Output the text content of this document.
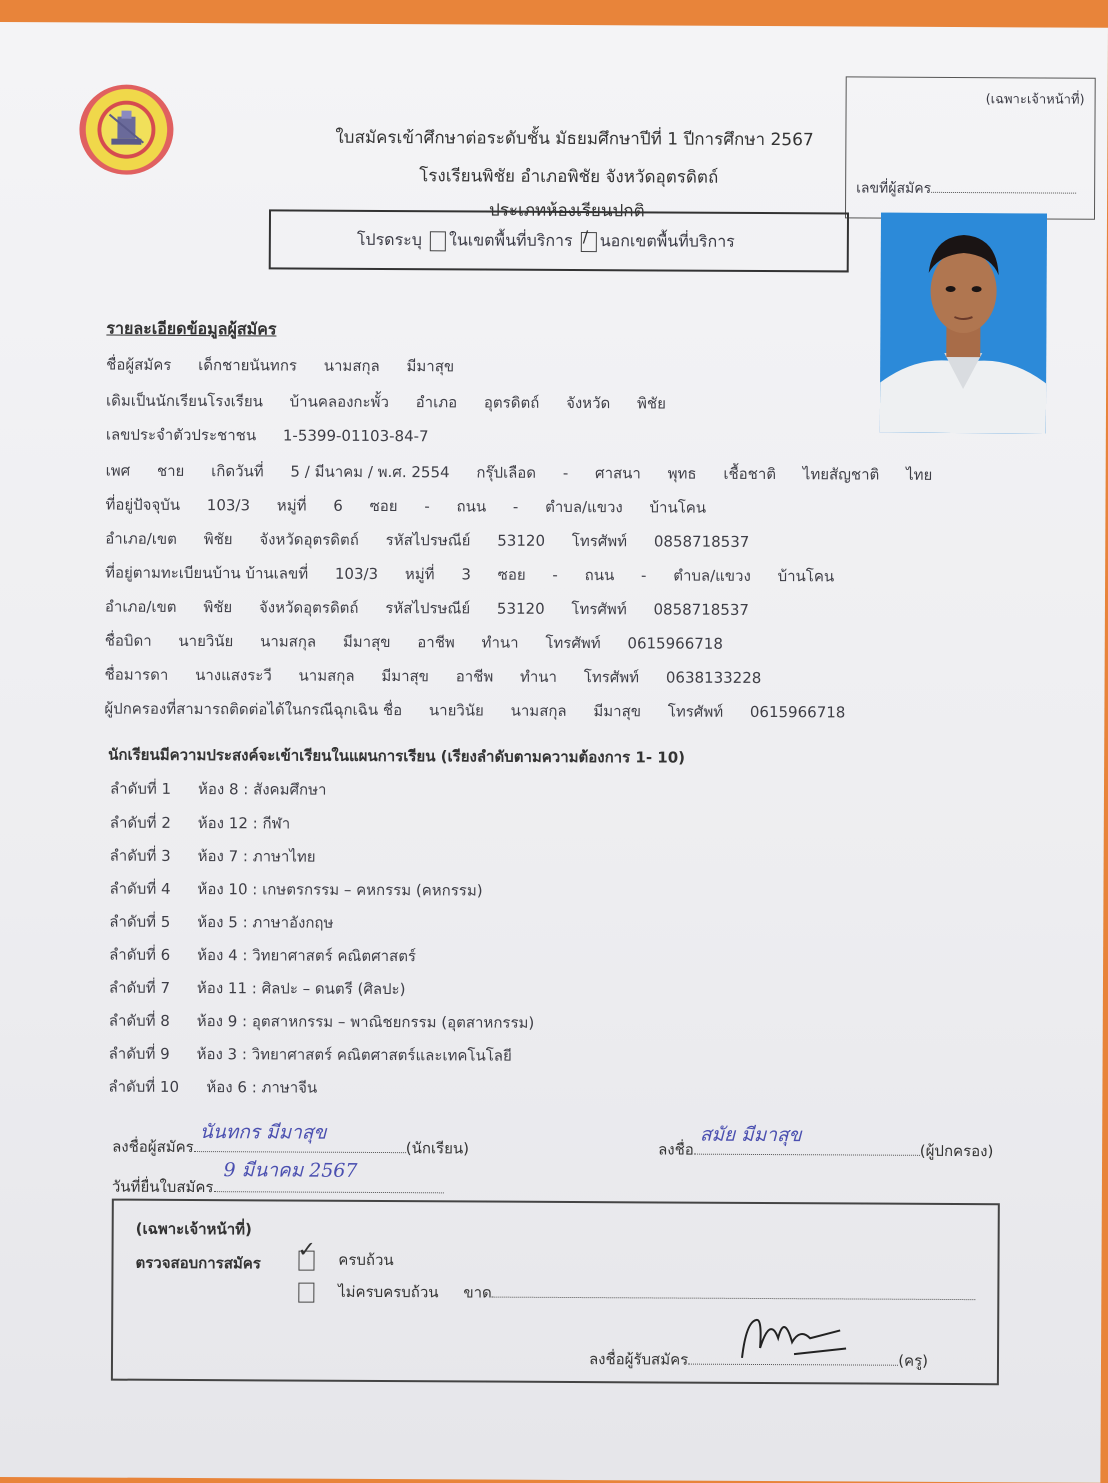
ใบสมัครเข้าศึกษาต่อระดับชั้น มัธยมศึกษาปีที่ 1 ปีการศึกษา 2567
โรงเรียนพิชัย อำเภอพิชัย จังหวัดอุตรดิตถ์
ประเภทห้องเรียนปกติ
(เฉพาะเจ้าหน้าที่)
เลขที่ผู้สมัคร
โปรดระบุ ในเขตพื้นที่บริการ / นอกเขตพื้นที่บริการ
รายละเอียดข้อมูลผู้สมัคร
ชื่อผู้สมัคร เด็กชายนันทกร นามสกุล มีมาสุข
เดิมเป็นนักเรียนโรงเรียน บ้านคลองกะพั้ว อำเภอ อุตรดิตถ์ จังหวัด พิชัย
เลขประจำตัวประชาชน 1-5399-01103-84-7
เพศ ชาย เกิดวันที่ 5 / มีนาคม / พ.ศ. 2554 กรุ๊ปเลือด - ศาสนา พุทธ เชื้อชาติ ไทยสัญชาติ ไทย
ที่อยู่ปัจจุบัน 103/3 หมู่ที่ 6 ซอย - ถนน - ตำบล/แขวง บ้านโคน
อำเภอ/เขต พิชัย จังหวัดอุตรดิตถ์ รหัสไปรษณีย์ 53120 โทรศัพท์ 0858718537
ที่อยู่ตามทะเบียนบ้าน บ้านเลขที่ 103/3 หมู่ที่ 3 ซอย - ถนน - ตำบล/แขวง บ้านโคน
อำเภอ/เขต พิชัย จังหวัดอุตรดิตถ์ รหัสไปรษณีย์ 53120 โทรศัพท์ 0858718537
ชื่อบิดา นายวินัย นามสกุล มีมาสุข อาชีพ ทำนา โทรศัพท์ 0615966718
ชื่อมารดา นางแสงระวี นามสกุล มีมาสุข อาชีพ ทำนา โทรศัพท์ 0638133228
ผู้ปกครองที่สามารถติดต่อได้ในกรณีฉุกเฉิน ชื่อ นายวินัย นามสกุล มีมาสุข โทรศัพท์ 0615966718
นักเรียนมีความประสงค์จะเข้าเรียนในแผนการเรียน (เรียงลำดับตามความต้องการ 1- 10)
ลำดับที่ 1 ห้อง 8 : สังคมศึกษา
ลำดับที่ 2 ห้อง 12 : กีฬา
ลำดับที่ 3 ห้อง 7 : ภาษาไทย
ลำดับที่ 4 ห้อง 10 : เกษตรกรรม – คหกรรม (คหกรรม)
ลำดับที่ 5 ห้อง 5 : ภาษาอังกฤษ
ลำดับที่ 6 ห้อง 4 : วิทยาศาสตร์ คณิตศาสตร์
ลำดับที่ 7 ห้อง 11 : ศิลปะ – ดนตรี (ศิลปะ)
ลำดับที่ 8 ห้อง 9 : อุตสาหกรรม – พาณิชยกรรม (อุตสาหกรรม)
ลำดับที่ 9 ห้อง 3 : วิทยาศาสตร์ คณิตศาสตร์และเทคโนโลยี
ลำดับที่ 10 ห้อง 6 : ภาษาจีน
ลงชื่อผู้สมัคร
นันทกร มีมาสุข
(นักเรียน)
วันที่ยื่นใบสมัคร
9 มีนาคม 2567
ลงชื่อ
สมัย มีมาสุข
(ผู้ปกครอง)
(เฉพาะเจ้าหน้าที่)
ตรวจสอบการสมัคร
✓ ครบถ้วน
ไม่ครบครบถ้วน ขาด
ลงชื่อผู้รับสมัคร	(ครู)
